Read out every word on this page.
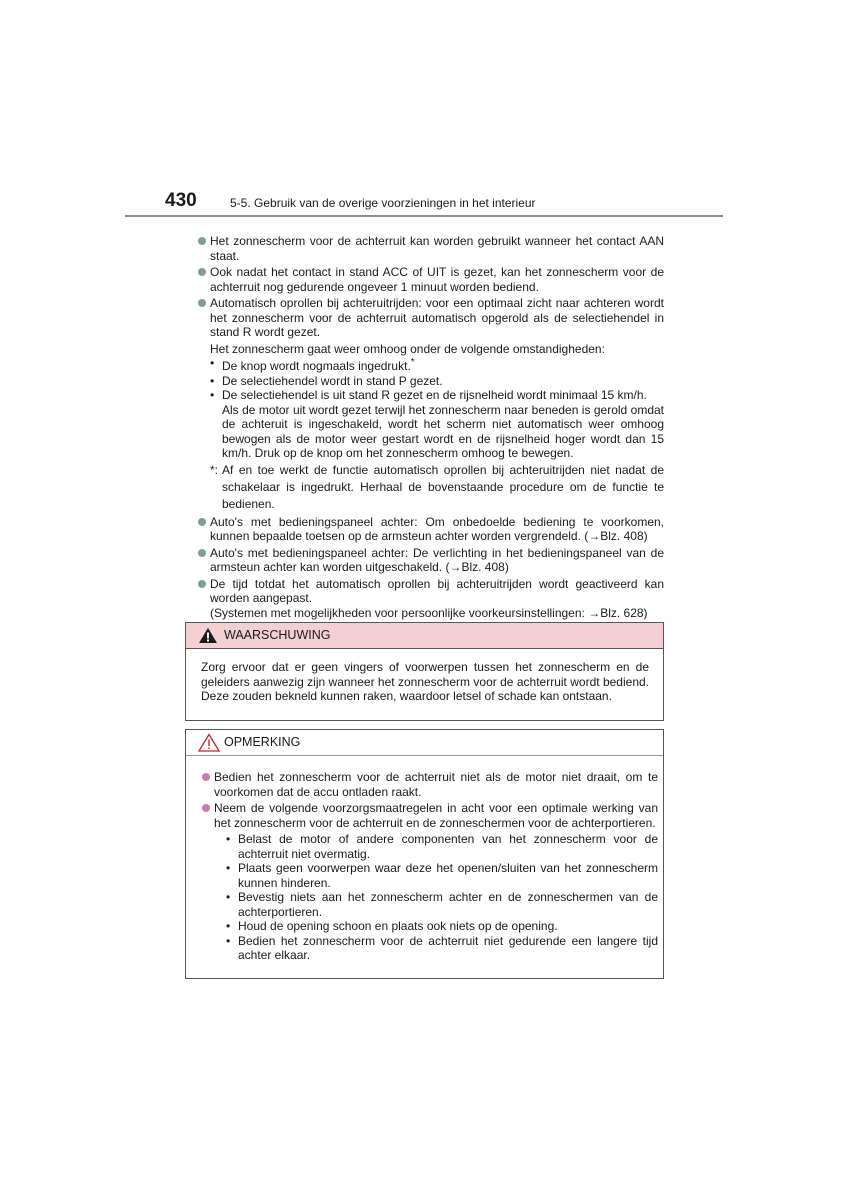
430	5-5. Gebruik van de overige voorzieningen in het interieur
Het zonnescherm voor de achterruit kan worden gebruikt wanneer het contact AAN staat.
Ook nadat het contact in stand ACC of UIT is gezet, kan het zonnescherm voor de achterruit nog gedurende ongeveer 1 minuut worden bediend.
Automatisch oprollen bij achteruitrijden: voor een optimaal zicht naar achteren wordt het zonnescherm voor de achterruit automatisch opgerold als de selectiehendel in stand R wordt gezet.
Het zonnescherm gaat weer omhoog onder de volgende omstandigheden:
• De knop wordt nogmaals ingedrukt.*
• De selectiehendel wordt in stand P gezet.
• De selectiehendel is uit stand R gezet en de rijsnelheid wordt minimaal 15 km/h.
Als de motor uit wordt gezet terwijl het zonnescherm naar beneden is gerold omdat de achteruit is ingeschakeld, wordt het scherm niet automatisch weer omhoog bewogen als de motor weer gestart wordt en de rijsnelheid hoger wordt dan 15 km/h. Druk op de knop om het zonnescherm omhoog te bewegen.
*: Af en toe werkt de functie automatisch oprollen bij achteruitrijden niet nadat de schakelaar is ingedrukt. Herhaal de bovenstaande procedure om de functie te bedienen.
Auto's met bedieningspaneel achter: Om onbedoelde bediening te voorkomen, kunnen bepaalde toetsen op de armsteun achter worden vergrendeld. (→Blz. 408)
Auto's met bedieningspaneel achter: De verlichting in het bedieningspaneel van de armsteun achter kan worden uitgeschakeld. (→Blz. 408)
De tijd totdat het automatisch oprollen bij achteruitrijden wordt geactiveerd kan worden aangepast.
(Systemen met mogelijkheden voor persoonlijke voorkeursinstellingen: →Blz. 628)
WAARSCHUWING
Zorg ervoor dat er geen vingers of voorwerpen tussen het zonnescherm en de geleiders aanwezig zijn wanneer het zonnescherm voor de achterruit wordt bediend. Deze zouden bekneld kunnen raken, waardoor letsel of schade kan ontstaan.
OPMERKING
Bedien het zonnescherm voor de achterruit niet als de motor niet draait, om te voorkomen dat de accu ontladen raakt.
Neem de volgende voorzorgsmaatregelen in acht voor een optimale werking van het zonnescherm voor de achterruit en de zonneschermen voor de achterportieren.
• Belast de motor of andere componenten van het zonnescherm voor de achterruit niet overmatig.
• Plaats geen voorwerpen waar deze het openen/sluiten van het zonnescherm kunnen hinderen.
• Bevestig niets aan het zonnescherm achter en de zonneschermen van de achterportieren.
• Houd de opening schoon en plaats ook niets op de opening.
• Bedien het zonnescherm voor de achterruit niet gedurende een langere tijd achter elkaar.
